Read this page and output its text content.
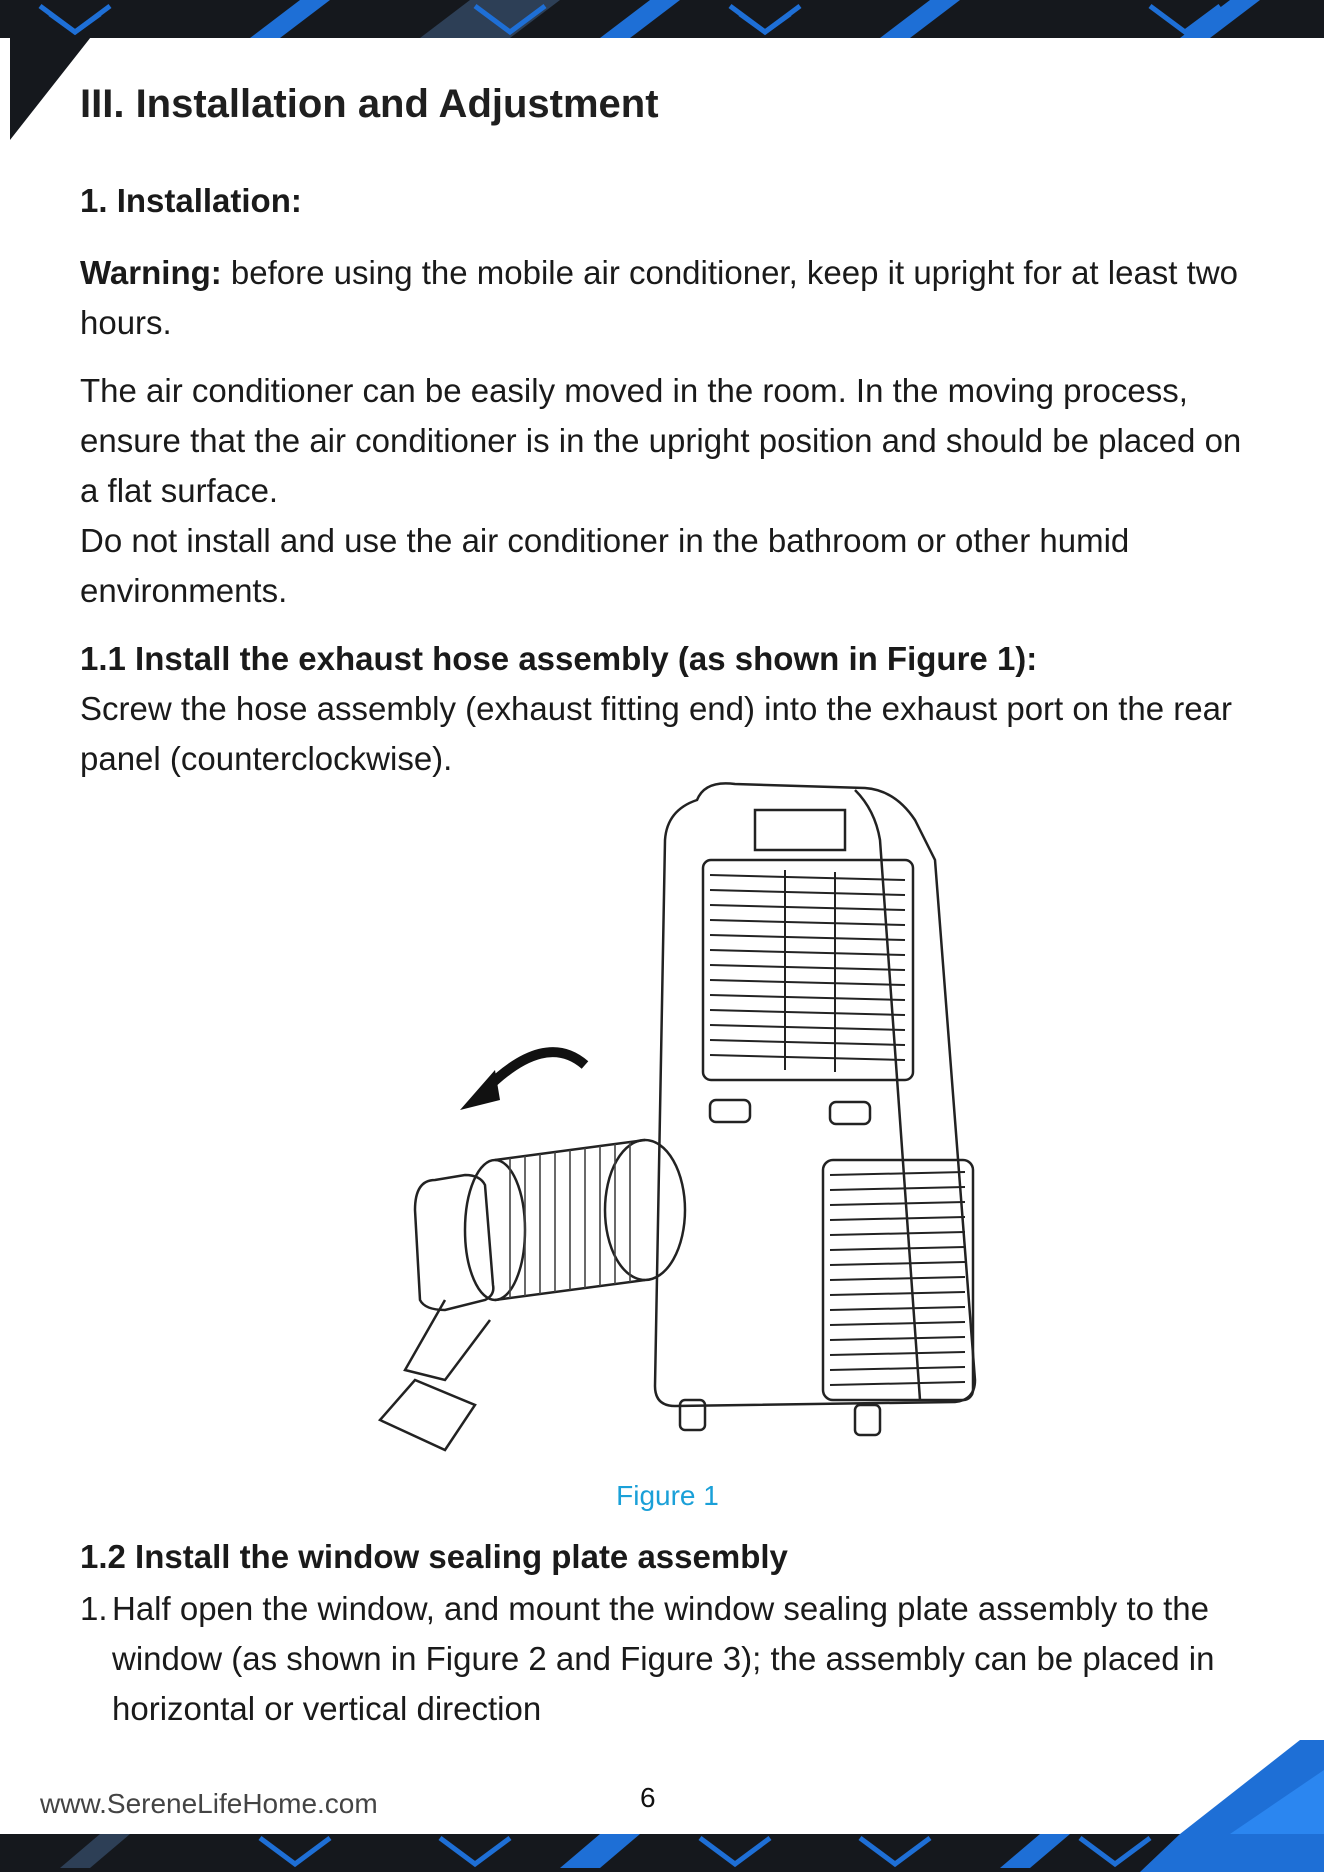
III. Installation and Adjustment
1. Installation:

Warning: before using the mobile air conditioner, keep it upright for at least two hours.

The air conditioner can be easily moved in the room. In the moving process, ensure that the air conditioner is in the upright position and should be placed on a flat surface.

Do not install and use the air conditioner in the bathroom or other humid environments.

1.1 Install the exhaust hose assembly (as shown in Figure 1):

Screw the hose assembly (exhaust fitting end) into the exhaust port on the rear panel (counterclockwise).

Figure 1
1.2 Install the window sealing plate assembly
1. Half open the window, and mount the window sealing plate assembly to the window (as shown in Figure 2 and Figure 3); the assembly can be placed in horizontal or vertical direction
www.SereneLifeHome.com	6
